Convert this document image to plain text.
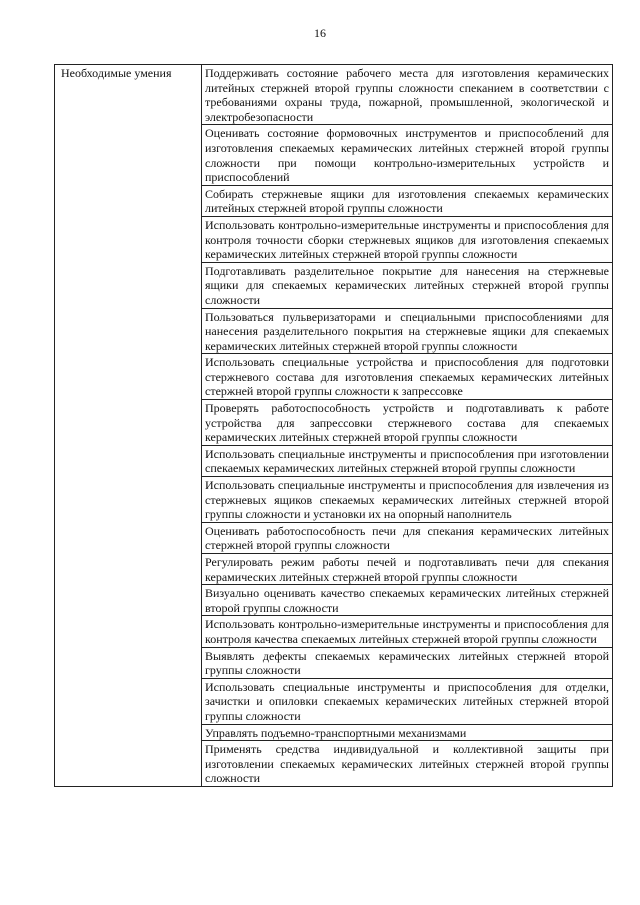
16
Необходимые умения	Поддерживать состояние рабочего места для изготовления керамических литейных стержней второй группы сложности спеканием в соответствии с требованиями охраны труда, пожарной, промышленной, экологической и электробезопасности
Оценивать состояние формовочных инструментов и приспособлений для изготовления спекаемых керамических литейных стержней второй группы сложности при помощи контрольно-измерительных устройств и приспособлений
Собирать стержневые ящики для изготовления спекаемых керамических литейных стержней второй группы сложности
Использовать контрольно-измерительные инструменты и приспособления для контроля точности сборки стержневых ящиков для изготовления спекаемых керамических литейных стержней второй группы сложности
Подготавливать разделительное покрытие для нанесения на стержневые ящики для спекаемых керамических литейных стержней второй группы сложности
Пользоваться пульверизаторами и специальными приспособлениями для нанесения разделительного покрытия на стержневые ящики для спекаемых керамических литейных стержней второй группы сложности
Использовать специальные устройства и приспособления для подготовки стержневого состава для изготовления спекаемых керамических литейных стержней второй группы сложности к запрессовке
Проверять работоспособность устройств и подготавливать к работе устройства для запрессовки стержневого состава для спекаемых керамических литейных стержней второй группы сложности
Использовать специальные инструменты и приспособления при изготовлении спекаемых керамических литейных стержней второй группы сложности
Использовать специальные инструменты и приспособления для извлечения из стержневых ящиков спекаемых керамических литейных стержней второй группы сложности и установки их на опорный наполнитель
Оценивать работоспособность печи для спекания керамических литейных стержней второй группы сложности
Регулировать режим работы печей и подготавливать печи для спекания керамических литейных стержней второй группы сложности
Визуально оценивать качество спекаемых керамических литейных стержней второй группы сложности
Использовать контрольно-измерительные инструменты и приспособления для контроля качества спекаемых литейных стержней второй группы сложности
Выявлять дефекты спекаемых керамических литейных стержней второй группы сложности
Использовать специальные инструменты и приспособления для отделки, зачистки и опиловки спекаемых керамических литейных стержней второй группы сложности
Управлять подъемно-транспортными механизмами
Применять средства индивидуальной и коллективной защиты при изготовлении спекаемых керамических литейных стержней второй группы сложности
